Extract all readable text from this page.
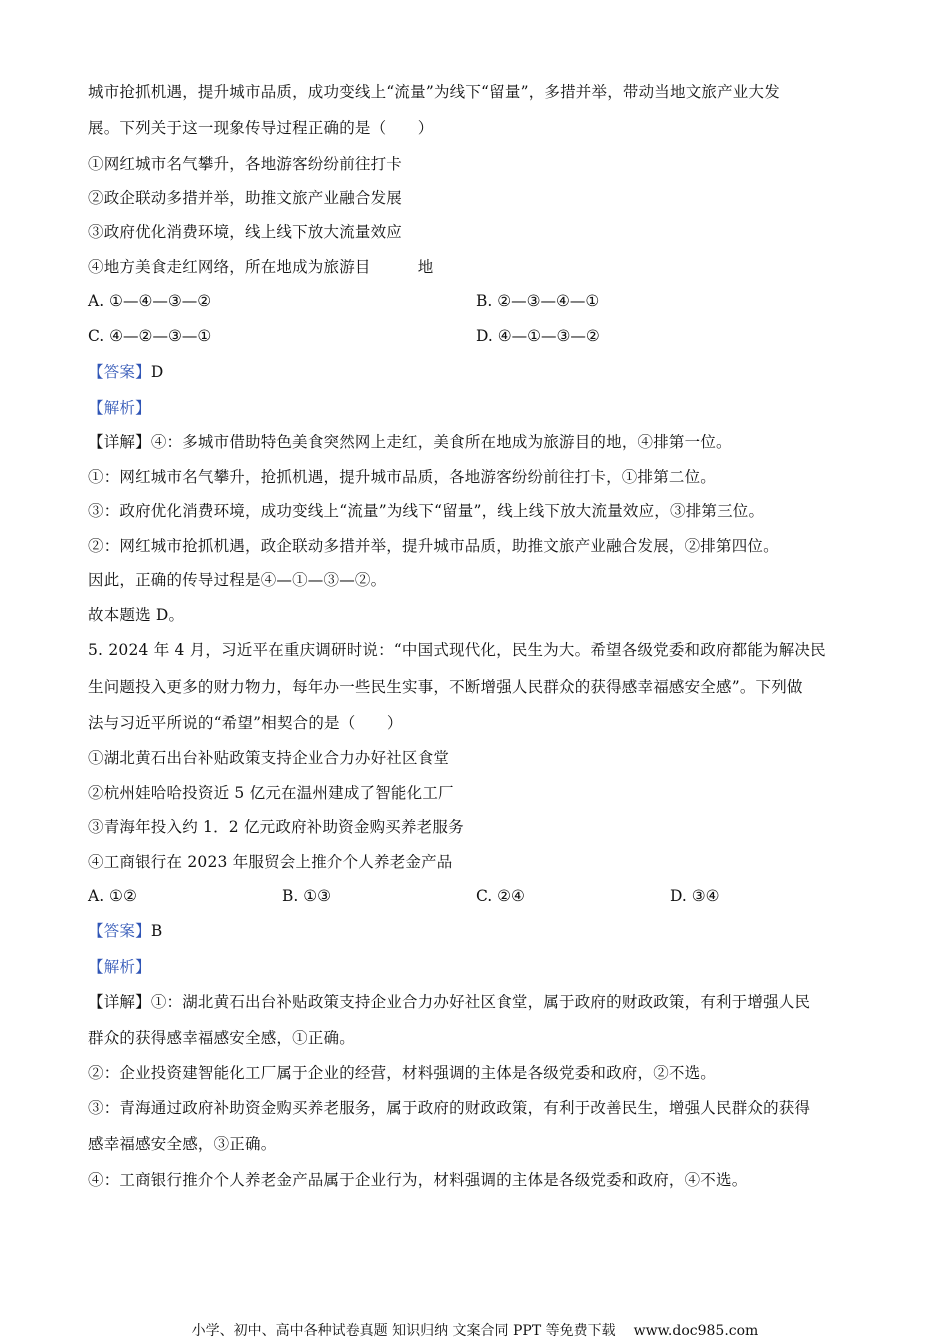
城市抢抓机遇，提升城市品质，成功变线上“流量”为线下“留量”，多措并举，带动当地文旅产业大发
展。下列关于这一现象传导过程正确的是（　　）
①网红城市名气攀升，各地游客纷纷前往打卡
②政企联动多措并举，助推文旅产业融合发展
③政府优化消费环境，线上线下放大流量效应
④地方美食走红网络，所在地成为旅游目　　　地
A. ①—④—③—②	B. ②—③—④—①
C. ④—②—③—①	D. ④—①—③—②
【答案】D
【解析】
【详解】④：多城市借助特色美食突然网上走红，美食所在地成为旅游目的地，④排第一位。
①：网红城市名气攀升，抢抓机遇，提升城市品质，各地游客纷纷前往打卡，①排第二位。
③：政府优化消费环境，成功变线上“流量”为线下“留量”，线上线下放大流量效应，③排第三位。
②：网红城市抢抓机遇，政企联动多措并举，提升城市品质，助推文旅产业融合发展，②排第四位。
因此，正确的传导过程是④—①—③—②。
故本题选 D。
5. 2024 年 4 月，习近平在重庆调研时说：“中国式现代化，民生为大。希望各级党委和政府都能为解决民
生问题投入更多的财力物力，每年办一些民生实事，不断增强人民群众的获得感幸福感安全感”。下列做
法与习近平所说的“希望”相契合的是（　　）
①湖北黄石出台补贴政策支持企业合力办好社区食堂
②杭州娃哈哈投资近 5 亿元在温州建成了智能化工厂
③青海年投入约 1．2 亿元政府补助资金购买养老服务
④工商银行在 2023 年服贸会上推介个人养老金产品
A. ①②	B. ①③	C. ②④	D. ③④
【答案】B
【解析】
【详解】①：湖北黄石出台补贴政策支持企业合力办好社区食堂，属于政府的财政政策，有利于增强人民
群众的获得感幸福感安全感，①正确。
②：企业投资建智能化工厂属于企业的经营，材料强调的主体是各级党委和政府，②不选。
③：青海通过政府补助资金购买养老服务，属于政府的财政政策，有利于改善民生，增强人民群众的获得
感幸福感安全感，③正确。
④：工商银行推介个人养老金产品属于企业行为，材料强调的主体是各级党委和政府，④不选。
小学、初中、高中各种试卷真题 知识归纳 文案合同 PPT 等免费下载 www.doc985.com
